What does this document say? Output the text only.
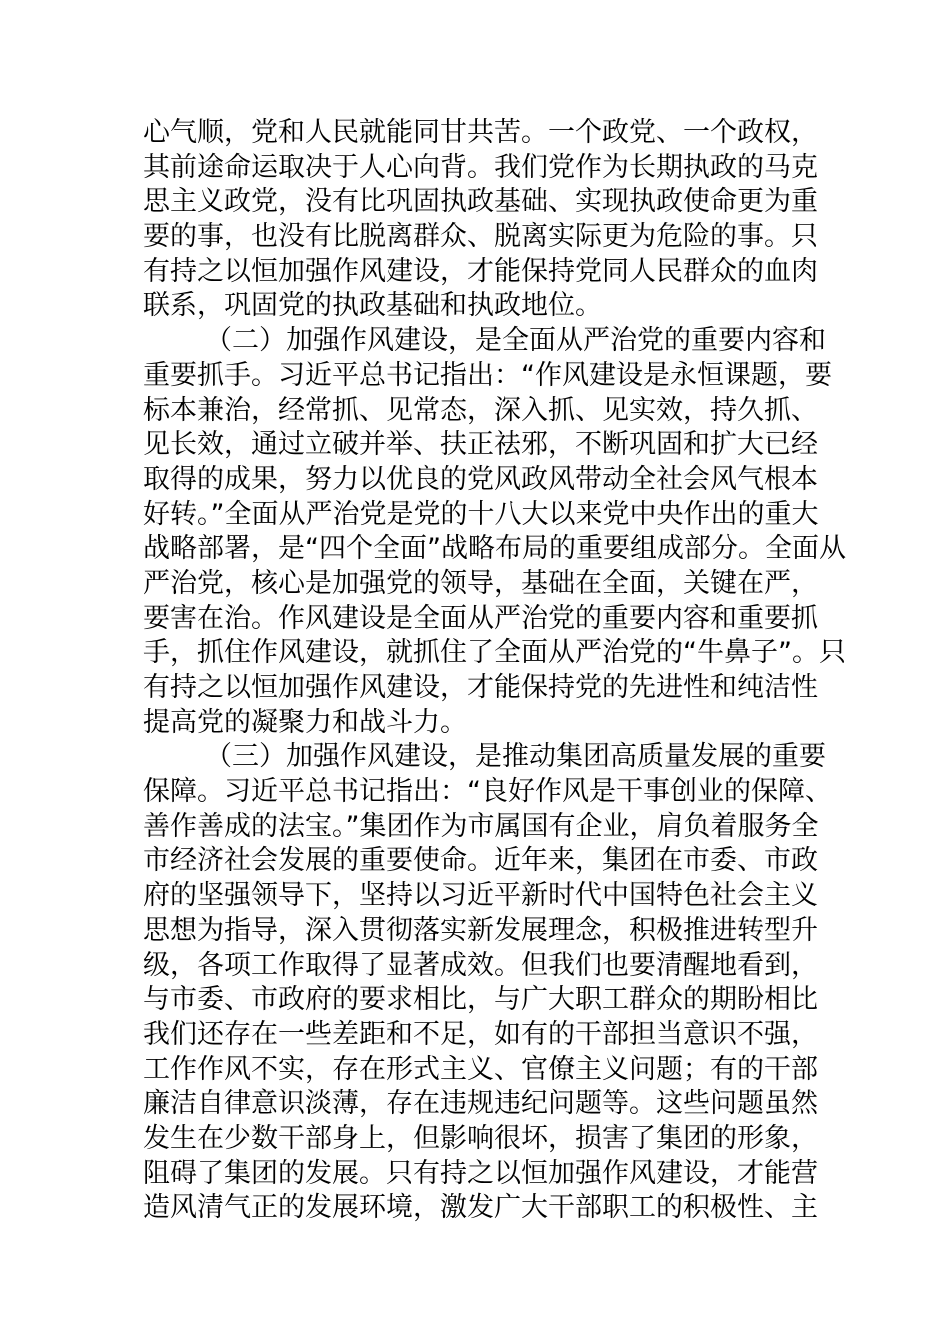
心气顺，党和人民就能同甘共苦。一个政党、一个政权，
其前途命运取决于人心向背。我们党作为长期执政的马克
思主义政党，没有比巩固执政基础、实现执政使命更为重
要的事，也没有比脱离群众、脱离实际更为危险的事。只
有持之以恒加强作风建设，才能保持党同人民群众的血肉
联系，巩固党的执政基础和执政地位。
（二）加强作风建设，是全面从严治党的重要内容和
重要抓手。习近平总书记指出：“作风建设是永恒课题，要
标本兼治，经常抓、见常态，深入抓、见实效，持久抓、
见长效，通过立破并举、扶正祛邪，不断巩固和扩大已经
取得的成果，努力以优良的党风政风带动全社会风气根本
好转。”全面从严治党是党的十八大以来党中央作出的重大
战略部署，是“四个全面”战略布局的重要组成部分。全面从
严治党，核心是加强党的领导，基础在全面，关键在严，
要害在治。作风建设是全面从严治党的重要内容和重要抓
手，抓住作风建设，就抓住了全面从严治党的“牛鼻子”。只
有持之以恒加强作风建设，才能保持党的先进性和纯洁性
提高党的凝聚力和战斗力。
（三）加强作风建设，是推动集团高质量发展的重要
保障。习近平总书记指出：“良好作风是干事创业的保障、
善作善成的法宝。”集团作为市属国有企业，肩负着服务全
市经济社会发展的重要使命。近年来，集团在市委、市政
府的坚强领导下，坚持以习近平新时代中国特色社会主义
思想为指导，深入贯彻落实新发展理念，积极推进转型升
级，各项工作取得了显著成效。但我们也要清醒地看到，
与市委、市政府的要求相比，与广大职工群众的期盼相比
我们还存在一些差距和不足，如有的干部担当意识不强，
工作作风不实，存在形式主义、官僚主义问题；有的干部
廉洁自律意识淡薄，存在违规违纪问题等。这些问题虽然
发生在少数干部身上，但影响很坏，损害了集团的形象，
阻碍了集团的发展。只有持之以恒加强作风建设，才能营
造风清气正的发展环境，激发广大干部职工的积极性、主
